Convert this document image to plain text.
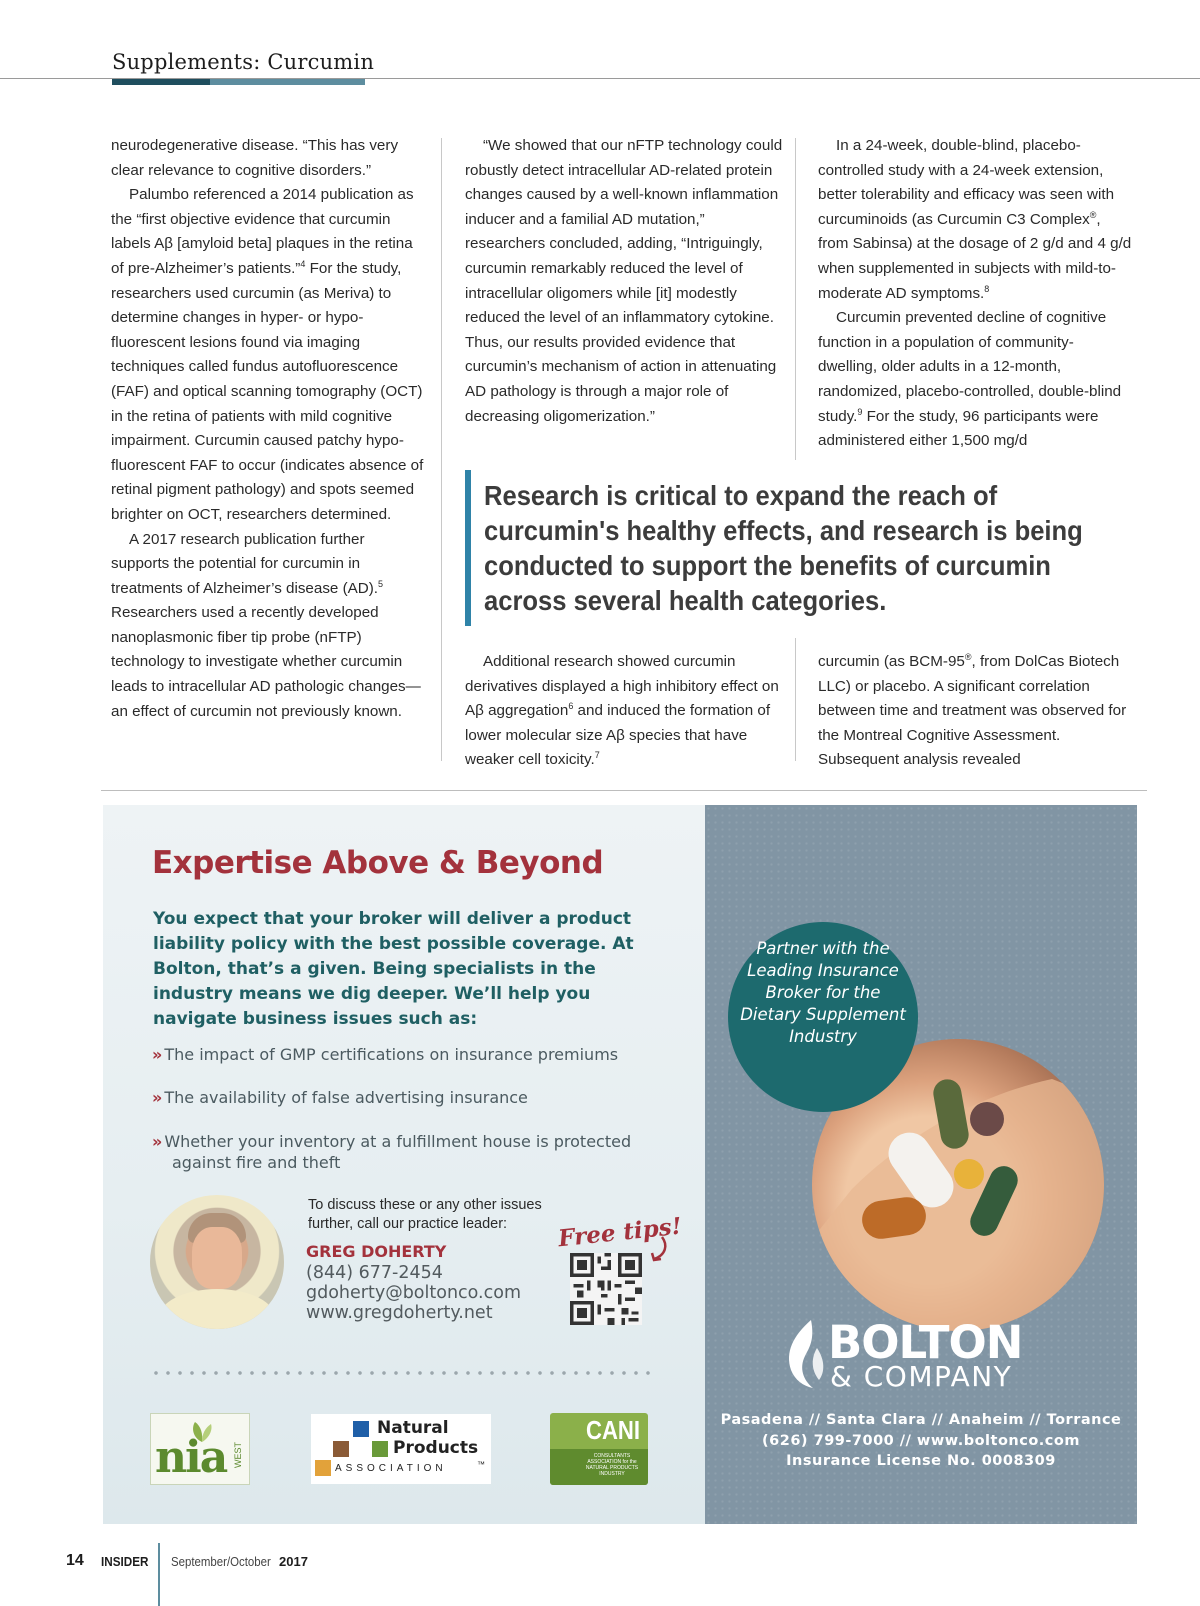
Supplements: Curcumin

neurodegenerative disease. “This has very clear relevance to cognitive disorders.”

Palumbo referenced a 2014 publication as the “first objective evidence that curcumin labels Aβ [amyloid beta] plaques in the retina of pre-Alzheimer’s patients.”$^4$ For the study, researchers used curcumin (as Meriva) to determine changes in hyper- or hypo-fluorescent lesions found via imaging techniques called fundus autofluorescence (FAF) and optical scanning tomography (OCT) in the retina of patients with mild cognitive impairment. Curcumin caused patchy hypo-fluorescent FAF to occur (indicates absence of retinal pigment pathology) and spots seemed brighter on OCT, researchers determined.

A 2017 research publication further supports the potential for curcumin in treatments of Alzheimer’s disease (AD).$^5$ Researchers used a recently developed nanoplasmonic fiber tip probe (nFTP) technology to investigate whether curcumin leads to intracellular AD pathologic changes—an effect of curcumin not previously known.

“We showed that our nFTP technology could robustly detect intracellular AD-related protein changes caused by a well-known inflammation inducer and a familial AD mutation,” researchers concluded, adding, “Intriguingly, curcumin remarkably reduced the level of intracellular oligomers while [it] modestly reduced the level of an inflammatory cytokine. Thus, our results provided evidence that curcumin’s mechanism of action in attenuating AD pathology is through a major role of decreasing oligomerization.”

In a 24-week, double-blind, placebo-controlled study with a 24-week extension, better tolerability and efficacy was seen with curcuminoids (as Curcumin C3 Complex®, from Sabinsa) at the dosage of 2 g/d and 4 g/d when supplemented in subjects with mild-to-moderate AD symptoms.$^8$

Curcumin prevented decline of cognitive function in a population of community-dwelling, older adults in a 12-month, randomized, placebo-controlled, double-blind study.$^9$ For the study, 96 participants were administered either 1,500 mg/d

Research is critical to expand the reach of curcumin's healthy effects, and research is being conducted to support the benefits of curcumin across several health categories.

Additional research showed curcumin derivatives displayed a high inhibitory effect on Aβ aggregation$^6$ and induced the formation of lower molecular size Aβ species that have weaker cell toxicity.$^7$

curcumin (as BCM-95®, from DolCas Biotech LLC) or placebo. A significant correlation between time and treatment was observed for the Montreal Cognitive Assessment. Subsequent analysis revealed

Expertise Above & Beyond
You expect that your broker will deliver a product liability policy with the best possible coverage. At Bolton, that’s a given. Being specialists in the industry means we dig deeper. We’ll help you navigate business issues such as:
» The impact of GMP certifications on insurance premiums
» The availability of false advertising insurance
» Whether your inventory at a fulfillment house is protected
against fire and theft
To discuss these or any other issues further, call our practice leader:
GREG DOHERTY
(844) 677-2454
gdoherty@boltonco.com
www.gregdoherty.net
Free tips!
nia WEST
Natural
Products
ASSOCIATION	™
CANI
CONSULTANTS ASSOCIATION for the NATURAL PRODUCTS INDUSTRY
Partner with the Leading Insurance Broker for the Dietary Supplement Industry
BOLTON
& COMPANY
Pasadena // Santa Clara // Anaheim // Torrance
(626) 799-7000 // www.boltonco.com
Insurance License No. 0008309
14 INSIDER September/October 2017
